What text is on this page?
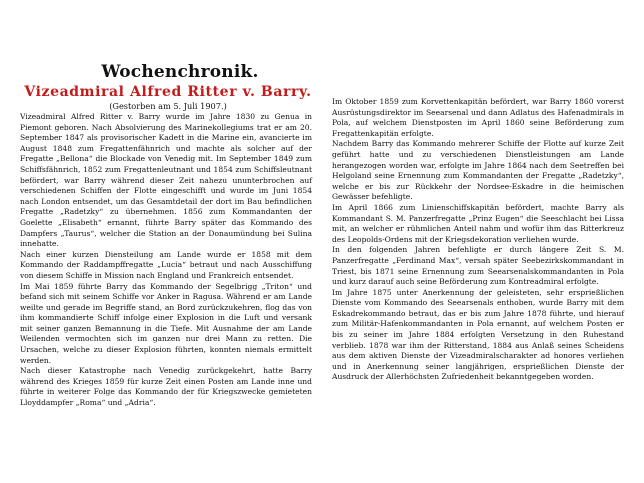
Wochenchronik.
Vizeadmiral Alfred Ritter v. Barry.
(Gestorben am 5. Juli 1907.)

Vizeadmiral Alfred Ritter v. Barry wurde im Jahre 1830 zu Genua in Piemont geboren. Nach Absolvierung des Marinekollegiums trat er am 20. September 1847 als provisorischer Kadett in die Marine ein, avancierte im August 1848 zum Fregattenfähnrich und machte als solcher auf der Fregatte „Bellona“ die Blockade von Venedig mit. Im September 1849 zum Schiffsfähnrich, 1852 zum Fregattenleutnant und 1854 zum Schiffsleutnant befördert, war Barry während dieser Zeit nahezu ununterbrochen auf verschiedenen Schiffen der Flotte eingeschifft und wurde im Juni 1854 nach London entsendet, um das Gesamtdetail der dort im Bau befindlichen Fregatte „Radetzky“ zu übernehmen. 1856 zum Kommandanten der Goelette „Elisabeth“ ernannt, führte Barry später das Kommando des Dampfers „Taurus“, welcher die Station an der Donaumündung bei Sulina innehatte.

Nach einer kurzen Diensteilung am Lande wurde er 1858 mit dem Kommando der Raddampffregatte „Lucia“ betraut und nach Ausschiffung von diesem Schiffe in Mission nach England und Frankreich entsendet.

Im Mai 1859 führte Barry das Kommando der Segelbrigg „Triton“ und befand sich mit seinem Schiffe vor Anker in Ragusa. Während er am Lande weilte und gerade im Begriffe stand, an Bord zurückzukehren, flog das von ihm kommandierte Schiff infolge einer Explosion in die Luft und versank mit seiner ganzen Bemannung in die Tiefe. Mit Ausnahme der am Lande Weilenden vermochten sich im ganzen nur drei Mann zu retten. Die Ursachen, welche zu dieser Explosion führten, konnten niemals ermittelt werden.

Nach dieser Katastrophe nach Venedig zurückgekehrt, hatte Barry während des Krieges 1859 für kurze Zeit einen Posten am Lande inne und führte in weiterer Folge das Kommando der für Kriegszwecke gemieteten Lloyddampfer „Roma“ und „Adria“.

Im Oktober 1859 zum Korvettenkapitän befördert, war Barry 1860 vorerst Ausrüstungsdirektor im Seearsenal und dann Adlatus des Hafenadmirals in Pola, auf welchem Dienstposten im April 1860 seine Beförderung zum Fregattenkapitän erfolgte.

Nachdem Barry das Kommando mehrerer Schiffe der Flotte auf kurze Zeit geführt hatte und zu verschiedenen Dienstleistungen am Lande herangezogen worden war, erfolgte im Jahre 1864 nach dem Seetreffen bei Helgoland seine Ernennung zum Kommandanten der Fregatte „Radetzky“, welche er bis zur Rückkehr der Nordsee-Eskadre in die heimischen Gewässer befehligte.

Im April 1866 zum Linienschiffskapitän befördert, machte Barry als Kommandant S. M. Panzerfregatte „Prinz Eugen“ die Seeschlacht bei Lissa mit, an welcher er rühmlichen Anteil nahm und wofür ihm das Ritterkreuz des Leopolds-Ordens mit der Kriegsdekoration verliehen wurde.

In den folgenden Jahren befehligte er durch längere Zeit S. M. Panzerfregatte „Ferdinand Max“, versah später Seebezirkskommandant in Triest, bis 1871 seine Ernennung zum Seearsenalskommandanten in Pola und kurz darauf auch seine Beförderung zum Kontreadmiral erfolgte.

Im Jahre 1875 unter Anerkennung der geleisteten, sehr ersprießlichen Dienste vom Kommando des Seearsenals enthoben, wurde Barry mit dem Eskadrekommando betraut, das er bis zum Jahre 1878 führte, und hierauf zum Militär-Hafenkommandanten in Pola ernannt, auf welchem Posten er bis zu seiner im Jahre 1884 erfolgten Versetzung in den Ruhestand verblieb. 1878 war ihm der Ritterstand, 1884 aus Anlaß seines Scheidens aus dem aktiven Dienste der Vizeadmiralscharakter ad honores verliehen und in Anerkennung seiner langjährigen, ersprießlichen Dienste der Ausdruck der Allerhöchsten Zufriedenheit bekanntgegeben worden.
